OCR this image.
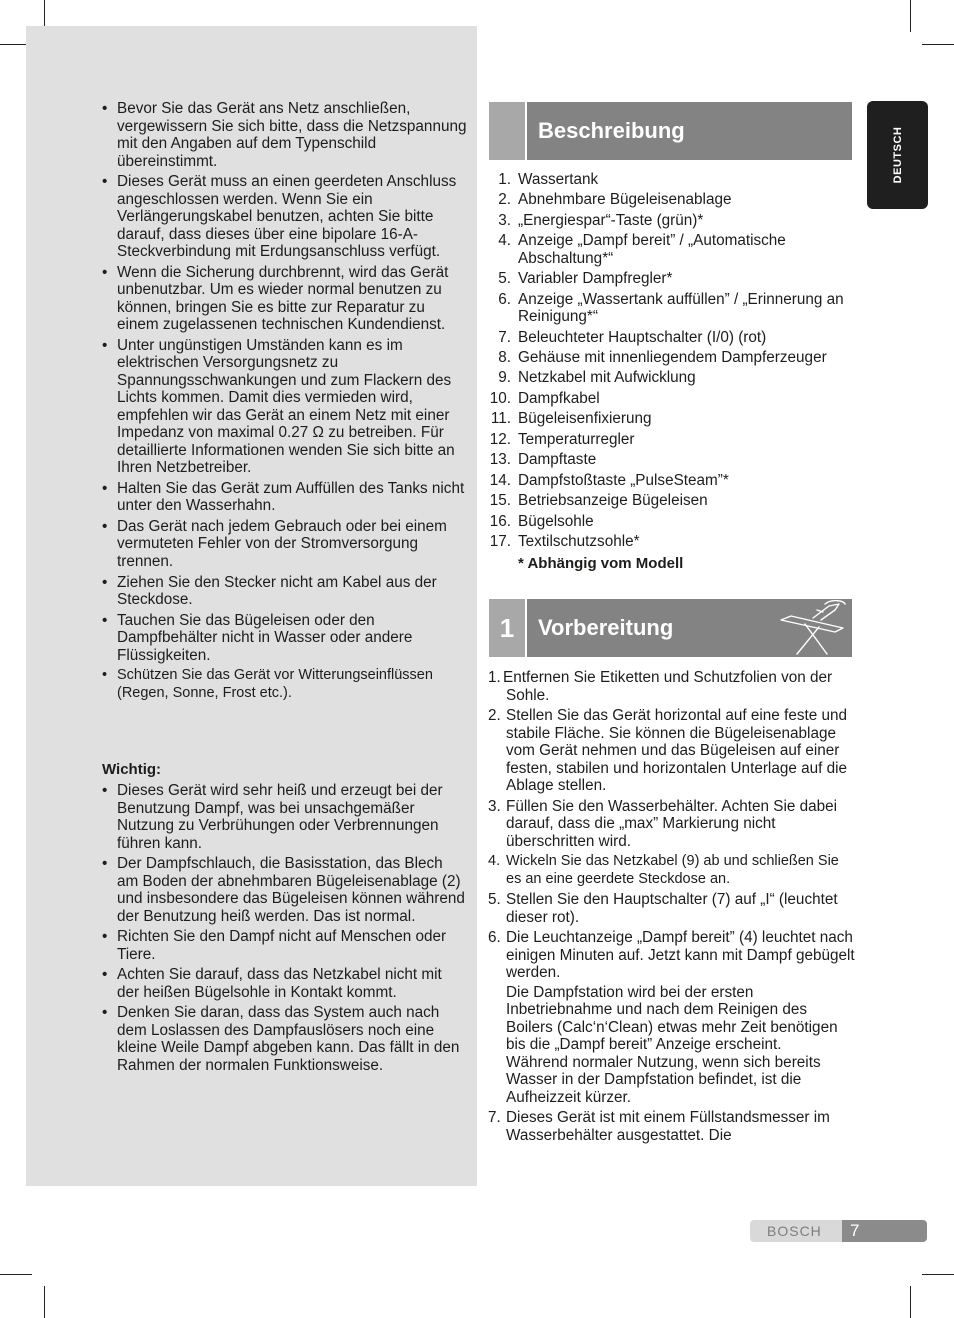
• Bevor Sie das Gerät ans Netz anschließen, vergewissern Sie sich bitte, dass die Netzspannung mit den Angaben auf dem Typenschild übereinstimmt.
• Dieses Gerät muss an einen geerdeten Anschluss angeschlossen werden. Wenn Sie ein Verlängerungskabel benutzen, achten Sie bitte darauf, dass dieses über eine bipolare 16-A-Steckverbindung mit Erdungsanschluss verfügt.
• Wenn die Sicherung durchbrennt, wird das Gerät unbenutzbar. Um es wieder normal benutzen zu können, bringen Sie es bitte zur Reparatur zu einem zugelassenen technischen Kundendienst.
• Unter ungünstigen Umständen kann es im elektrischen Versorgungsnetz zu Spannungsschwankungen und zum Flackern des Lichts kommen. Damit dies vermieden wird, empfehlen wir das Gerät an einem Netz mit einer Impedanz von maximal 0.27 Ω zu betreiben. Für detaillierte Informationen wenden Sie sich bitte an Ihren Netzbetreiber.
• Halten Sie das Gerät zum Auffüllen des Tanks nicht unter den Wasserhahn.
• Das Gerät nach jedem Gebrauch oder bei einem vermuteten Fehler von der Stromversorgung trennen.
• Ziehen Sie den Stecker nicht am Kabel aus der Steckdose.
• Tauchen Sie das Bügeleisen oder den Dampfbehälter nicht in Wasser oder andere Flüssigkeiten.
• Schützen Sie das Gerät vor Witterungseinflüssen (Regen, Sonne, Frost etc.).
Wichtig:
• Dieses Gerät wird sehr heiß und erzeugt bei der Benutzung Dampf, was bei unsachgemäßer Nutzung zu Verbrühungen oder Verbrennungen führen kann.
• Der Dampfschlauch, die Basisstation, das Blech am Boden der abnehmbaren Bügeleisenablage (2) und insbesondere das Bügeleisen können während der Benutzung heiß werden. Das ist normal.
• Richten Sie den Dampf nicht auf Menschen oder Tiere.
• Achten Sie darauf, dass das Netzkabel nicht mit der heißen Bügelsohle in Kontakt kommt.
• Denken Sie daran, dass das System auch nach dem Loslassen des Dampfauslösers noch eine kleine Weile Dampf abgeben kann. Das fällt in den Rahmen der normalen Funktionsweise.
Beschreibung
1. Wassertank
2. Abnehmbare Bügeleisenablage
3. „Energiespar“-Taste (grün)*
4. Anzeige „Dampf bereit” / „Automatische Abschaltung*“
5. Variabler Dampfregler*
6. Anzeige „Wassertank auffüllen” / „Erinnerung an Reinigung*“
7. Beleuchteter Hauptschalter (I/0) (rot)
8. Gehäuse mit innenliegendem Dampferzeuger
9. Netzkabel mit Aufwicklung
10. Dampfkabel
11. Bügeleisenfixierung
12. Temperaturregler
13. Dampftaste
14. Dampfstoßtaste „PulseSteam”*
15. Betriebsanzeige Bügeleisen
16. Bügelsohle
17. Textilschutzsohle*
* Abhängig vom Modell
1	Vorbereitung
1. Entfernen Sie Etiketten und Schutzfolien von der Sohle.

2. Stellen Sie das Gerät horizontal auf eine feste und stabile Fläche. Sie können die Bügeleisenablage vom Gerät nehmen und das Bügeleisen auf einer festen, stabilen und horizontalen Unterlage auf die Ablage stellen.

3. Füllen Sie den Wasserbehälter. Achten Sie dabei darauf, dass die „max” Markierung nicht überschritten wird.

4. Wickeln Sie das Netzkabel (9) ab und schließen Sie es an eine geerdete Steckdose an.

5. Stellen Sie den Hauptschalter (7) auf „I“ (leuchtet dieser rot).

6. Die Leuchtanzeige „Dampf bereit” (4) leuchtet nach einigen Minuten auf. Jetzt kann mit Dampf gebügelt werden.

Die Dampfstation wird bei der ersten Inbetriebnahme und nach dem Reinigen des Boilers (Calc‘n‘Clean) etwas mehr Zeit benötigen bis die „Dampf bereit” Anzeige erscheint.

Während normaler Nutzung, wenn sich bereits Wasser in der Dampfstation befindet, ist die Aufheizzeit kürzer.

7. Dieses Gerät ist mit einem Füllstandsmesser im Wasserbehälter ausgestattet. Die

DEUTSCH
BOSCH	7
